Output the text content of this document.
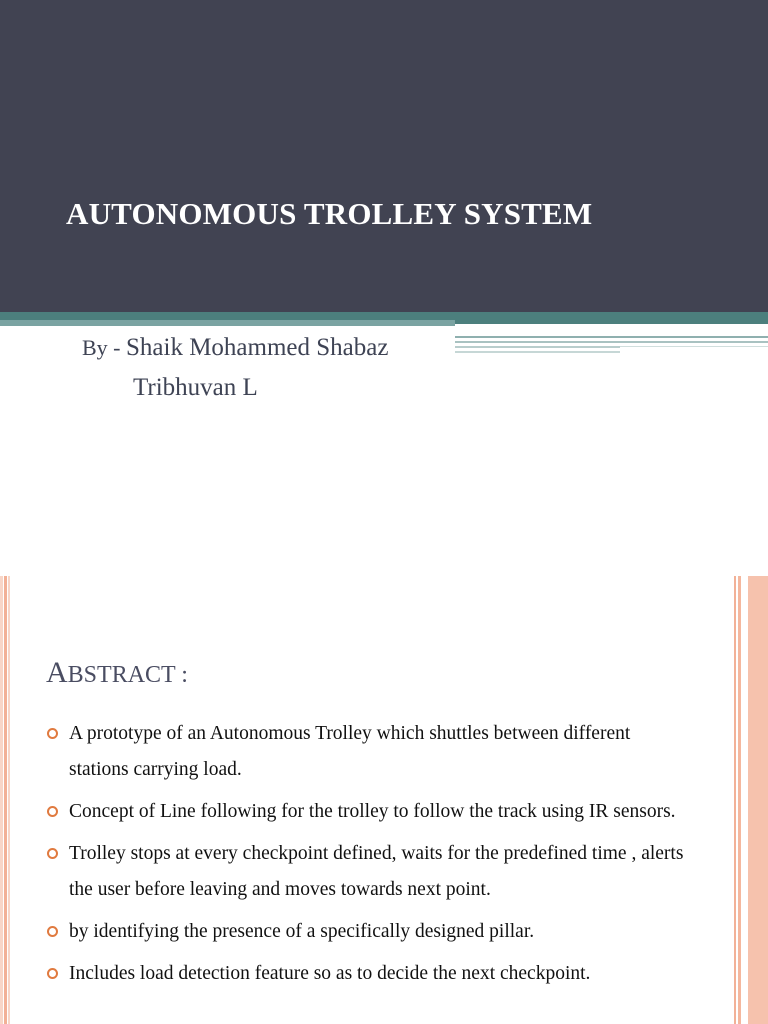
AUTONOMOUS TROLLEY SYSTEM
By - Shaik Mohammed Shabaz
Tribhuvan L
ABSTRACT :
A prototype of an Autonomous Trolley which shuttles between different stations carrying load.
Concept of Line following for the trolley to follow the track using IR sensors.
Trolley stops at every checkpoint defined, waits for the predefined time , alerts the user before leaving and moves towards next point.
by identifying the presence of a specifically designed pillar.
Includes load detection feature so as to decide the next checkpoint.
